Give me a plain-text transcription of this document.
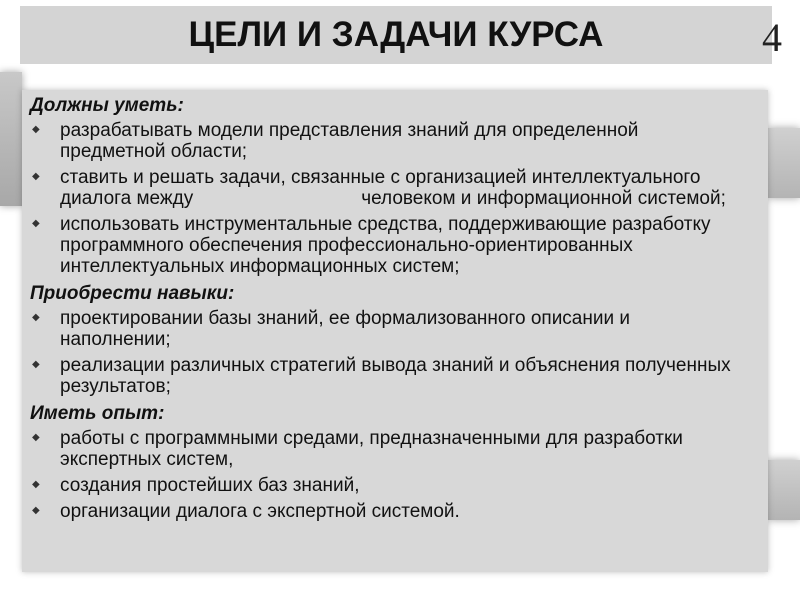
ЦЕЛИ И ЗАДАЧИ КУРСА	4
Должны уметь:
◆ разрабатывать модели представления знаний для определенной предметной области;
◆ ставить и решать задачи, связанные с организацией интеллектуального диалога между	человеком и информационной системой;
◆ использовать инструментальные средства, поддерживающие разработку программного обеспечения профессионально-ориентированных интеллектуальных информационных систем;
Приобрести навыки:
◆ проектировании базы знаний, ее формализованного описании и наполнении;
◆ реализации различных стратегий вывода знаний и объяснения полученных результатов;
Иметь опыт:
◆ работы с программными средами, предназначенными для разработки экспертных систем,
◆ создания простейших баз знаний,
◆ организации диалога с экспертной системой.
